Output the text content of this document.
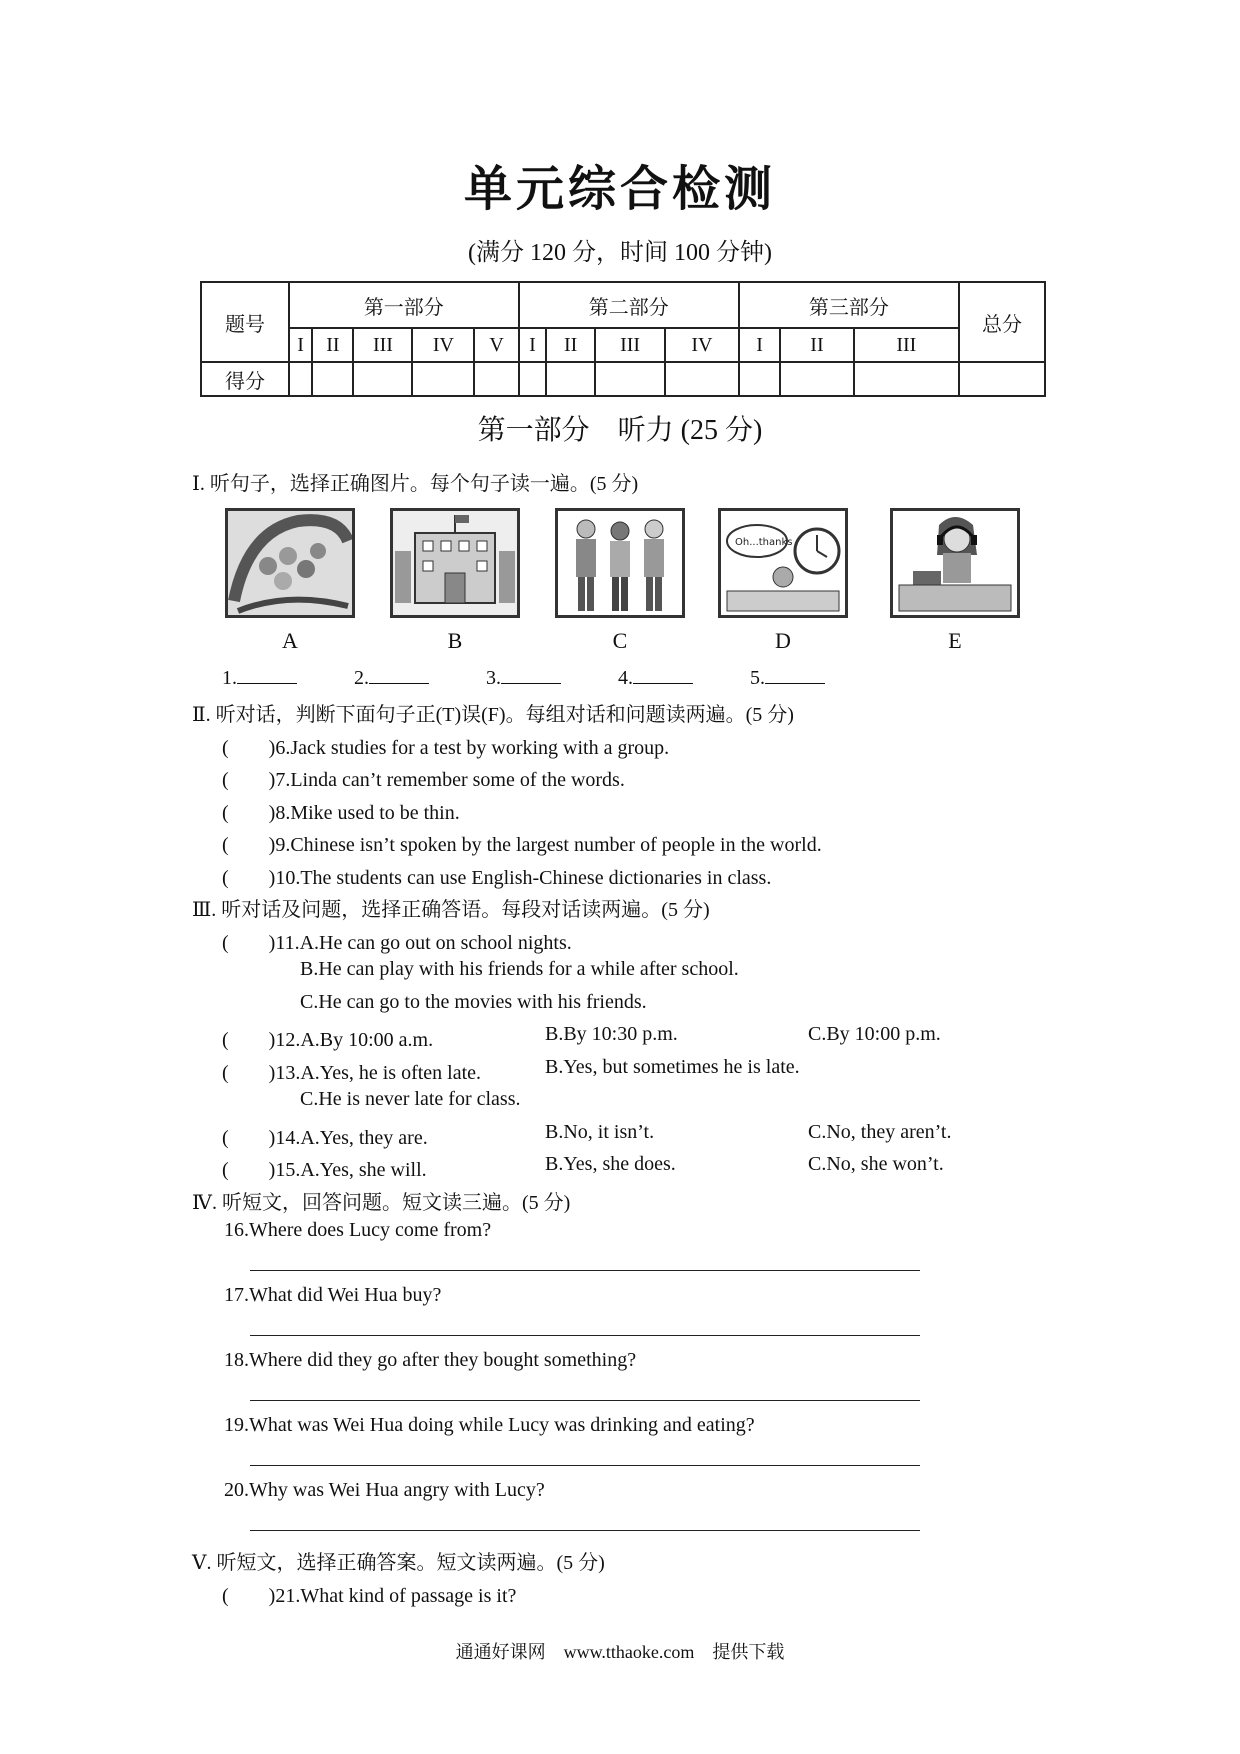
单元综合检测
(满分 120 分，时间 100 分钟)
题号	第一部分					第二部分				第三部分			总分
	I	II	III	IV	V	I	II	III	IV	I	II	III	
得分													
第一部分　听力 (25 分)
Ⅰ. 听句子，选择正确图片。每个句子读一遍。(5 分)
Oh...thanks
A	B	C	D	E
1.	2.	3.	4.	5.
Ⅱ. 听对话，判断下面句子正(T)误(F)。每组对话和问题读两遍。(5 分)
(　　)6.Jack studies for a test by working with a group.
(　　)7.Linda can’t remember some of the words.
(　　)8.Mike used to be thin.
(　　)9.Chinese isn’t spoken by the largest number of people in the world.
(　　)10.The students can use English-Chinese dictionaries in class.
Ⅲ. 听对话及问题，选择正确答语。每段对话读两遍。(5 分)
(　　)11.A.He can go out on school nights.
B.He can play with his friends for a while after school.
C.He can go to the movies with his friends.
(　　)12.A.By 10:00 a.m.	B.By 10:30 p.m.	C.By 10:00 p.m.
(　　)13.A.Yes, he is often late.	B.Yes, but sometimes he is late.
C.He is never late for class.
(　　)14.A.Yes, they are.	B.No, it isn’t.	C.No, they aren’t.
(　　)15.A.Yes, she will.	B.Yes, she does.	C.No, she won’t.
Ⅳ. 听短文，回答问题。短文读三遍。(5 分)
16.Where does Lucy come from?
17.What did Wei Hua buy?
18.Where did they go after they bought something?
19.What was Wei Hua doing while Lucy was drinking and eating?
20.Why was Wei Hua angry with Lucy?
Ⅴ. 听短文，选择正确答案。短文读两遍。(5 分)
(　　)21.What kind of passage is it?
通通好课网　www.tthaoke.com　提供下载
